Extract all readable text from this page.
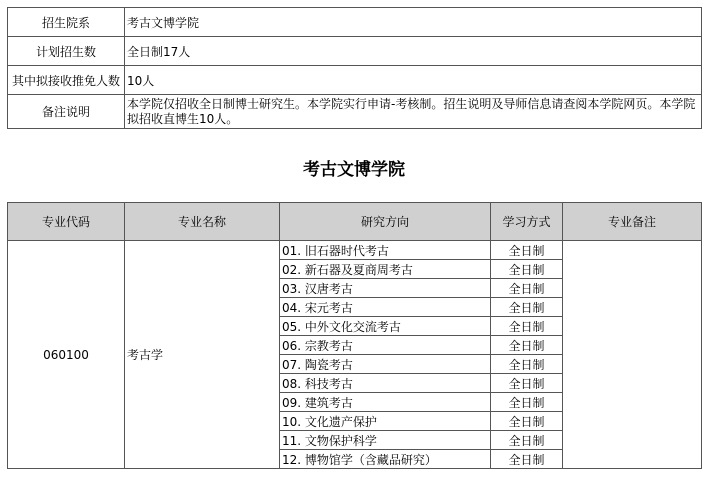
招生院系	考古文博学院
计划招生数	全日制17人
其中拟接收推免人数	10人
备注说明	本学院仅招收全日制博士研究生。本学院实行申请-考核制。招生说明及导师信息请查阅本学院网页。本学院拟招收直博生10人。
考古文博学院
专业代码	专业名称	研究方向	学习方式	专业备注
060100	考古学	01. 旧石器时代考古	全日制	
		02. 新石器及夏商周考古	全日制	
		03. 汉唐考古	全日制	
		04. 宋元考古	全日制	
		05. 中外文化交流考古	全日制	
		06. 宗教考古	全日制	
		07. 陶瓷考古	全日制	
		08. 科技考古	全日制	
		09. 建筑考古	全日制	
		10. 文化遗产保护	全日制	
		11. 文物保护科学	全日制	
		12. 博物馆学（含藏品研究）	全日制	
